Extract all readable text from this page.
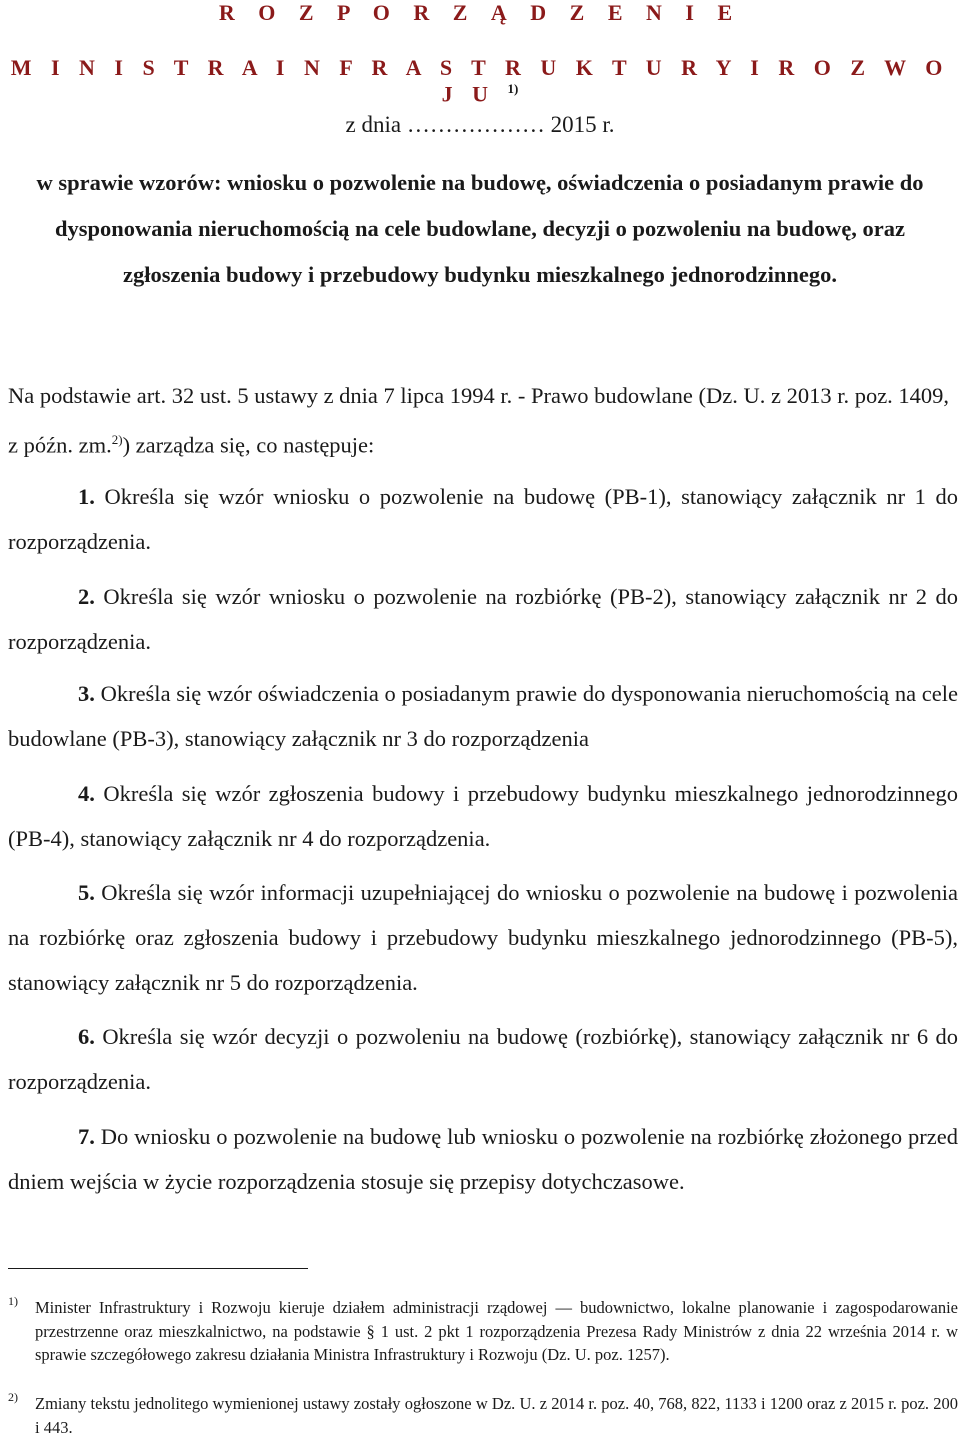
R O Z P O R Z Ą D Z E N I E
M I N I S T R A I N F R A S T R U K T U R Y I R O Z W O J U $^{1)}$
z dnia ……………… 2015 r.

w sprawie wzorów: wniosku o pozwolenie na budowę, oświadczenia o posiadanym prawie do dysponowania nieruchomością na cele budowlane, decyzji o pozwoleniu na budowę, oraz zgłoszenia budowy i przebudowy budynku mieszkalnego jednorodzinnego.

Na podstawie art. 32 ust. 5 ustawy z dnia 7 lipca 1994 r. - Prawo budowlane (Dz. U. z 2013 r. poz. 1409, z późn. zm.$^{2)}$) zarządza się, co następuje:

1. Określa się wzór wniosku o pozwolenie na budowę (PB-1), stanowiący załącznik nr 1 do rozporządzenia.

2. Określa się wzór wniosku o pozwolenie na rozbiórkę (PB-2), stanowiący załącznik nr 2 do rozporządzenia.

3. Określa się wzór oświadczenia o posiadanym prawie do dysponowania nieruchomością na cele budowlane (PB-3), stanowiący załącznik nr 3 do rozporządzenia

4. Określa się wzór zgłoszenia budowy i przebudowy budynku mieszkalnego jednorodzinnego (PB-4), stanowiący załącznik nr 4 do rozporządzenia.

5. Określa się wzór informacji uzupełniającej do wniosku o pozwolenie na budowę i pozwolenia na rozbiórkę oraz zgłoszenia budowy i przebudowy budynku mieszkalnego jednorodzinnego (PB-5), stanowiący załącznik nr 5 do rozporządzenia.

6. Określa się wzór decyzji o pozwoleniu na budowę (rozbiórkę), stanowiący załącznik nr 6 do rozporządzenia.

7. Do wniosku o pozwolenie na budowę lub wniosku o pozwolenie na rozbiórkę złożonego przed dniem wejścia w życie rozporządzenia stosuje się przepisy dotychczasowe.

1) Minister Infrastruktury i Rozwoju kieruje działem administracji rządowej — budownictwo, lokalne planowanie i zagospodarowanie przestrzenne oraz mieszkalnictwo, na podstawie § 1 ust. 2 pkt 1 rozporządzenia Prezesa Rady Ministrów z dnia 22 września 2014 r. w sprawie szczegółowego zakresu działania Ministra Infrastruktury i Rozwoju (Dz. U. poz. 1257).

2) Zmiany tekstu jednolitego wymienionej ustawy zostały ogłoszone w Dz. U. z 2014 r. poz. 40, 768, 822, 1133 i 1200 oraz z 2015 r. poz. 200 i 443.
